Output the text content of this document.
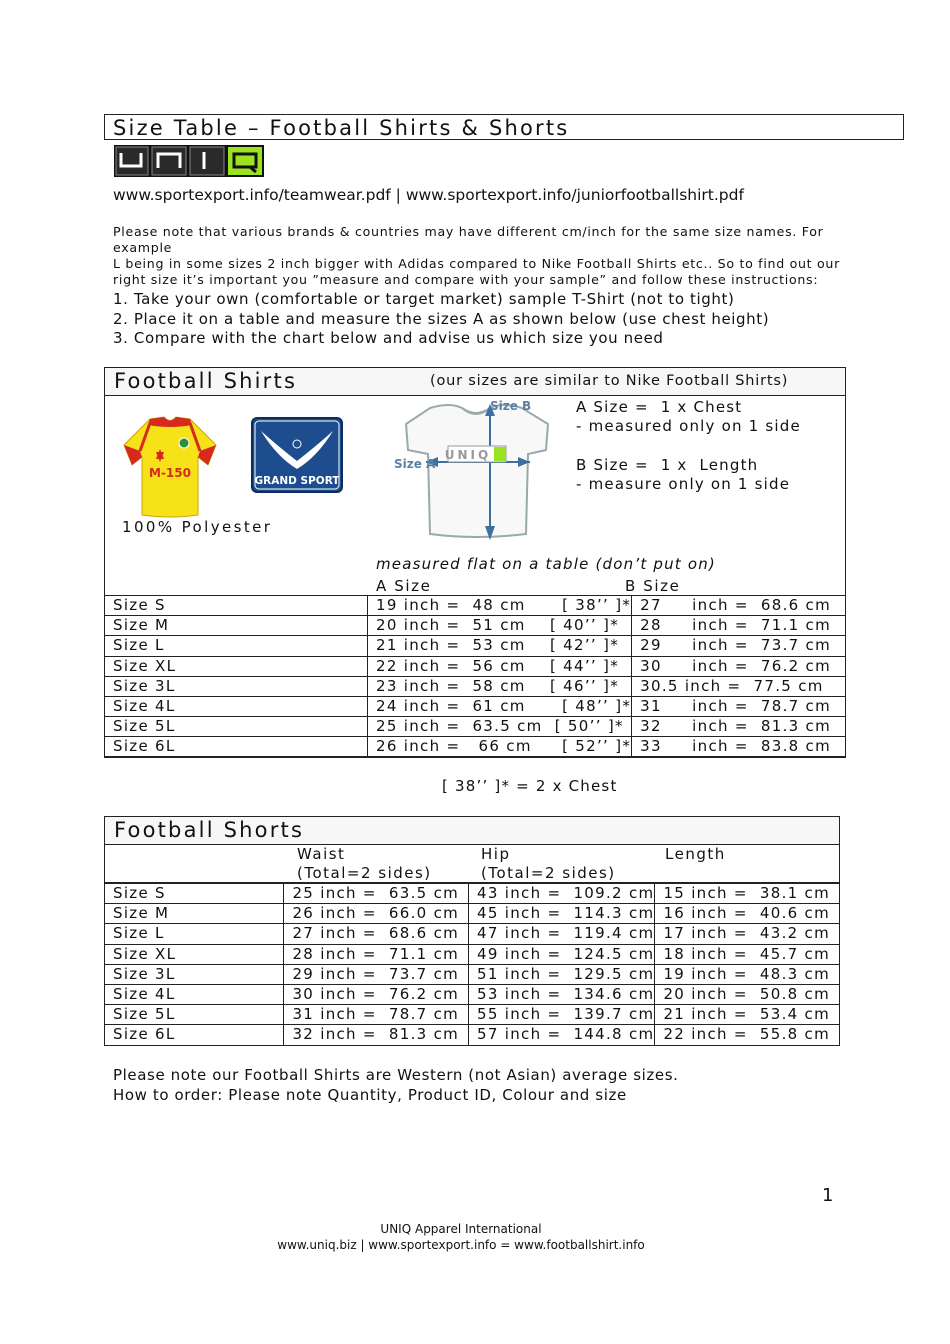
Size Table – Football Shirts & Shorts
www.sportexport.info/teamwear.pdf | www.sportexport.info/juniorfootballshirt.pdf
Please note that various brands & countries may have different cm/inch for the same size names. For example
L being in some sizes 2 inch bigger with Adidas compared to Nike Football Shirts etc.. So to find out our
right size it’s important you ”measure and compare with your sample” and follow these instructions:
1. Take your own (comfortable or target market) sample T-Shirt (not to tight)
2. Place it on a table and measure the sizes A as shown below (use chest height)
3. Compare with the chart below and advise us which size you need
Football Shirts	(our sizes are similar to Nike Football Shirts)
M-150
GRAND SPORT
100% Polyester
UNIQ
Size B
Size A
A Size =  1 x Chest
- measured only on 1 side
B Size =  1 x  Length
- measure only on 1 side
measured flat on a table (don’t put on)
A Size	B Size
Size S	19 inch =  48 cm      [ 38’’ ]*	27     inch =  68.6 cm
Size M	20 inch =  51 cm    [ 40’’ ]*	28     inch =  71.1 cm
Size L	21 inch =  53 cm    [ 42’’ ]*	29     inch =  73.7 cm
Size XL	22 inch =  56 cm    [ 44’’ ]*	30     inch =  76.2 cm
Size 3L	23 inch =  58 cm    [ 46’’ ]*	30.5 inch =  77.5 cm
Size 4L	24 inch =  61 cm      [ 48’’ ]*	31     inch =  78.7 cm
Size 5L	25 inch =  63.5 cm  [ 50’’ ]*	32     inch =  81.3 cm
Size 6L	26 inch =   66 cm     [ 52’’ ]*	33     inch =  83.8 cm
[ 38’’ ]* = 2 x Chest
Football Shorts
Waist
(Total=2 sides)
Hip
(Total=2 sides)
Length
Size S	25 inch =  63.5 cm	43 inch =  109.2 cm	15 inch =  38.1 cm
Size M	26 inch =  66.0 cm	45 inch =  114.3 cm	16 inch =  40.6 cm
Size L	27 inch =  68.6 cm	47 inch =  119.4 cm	17 inch =  43.2 cm
Size XL	28 inch =  71.1 cm	49 inch =  124.5 cm	18 inch =  45.7 cm
Size 3L	29 inch =  73.7 cm	51 inch =  129.5 cm	19 inch =  48.3 cm
Size 4L	30 inch =  76.2 cm	53 inch =  134.6 cm	20 inch =  50.8 cm
Size 5L	31 inch =  78.7 cm	55 inch =  139.7 cm	21 inch =  53.4 cm
Size 6L	32 inch =  81.3 cm	57 inch =  144.8 cm	22 inch =  55.8 cm
Please note our Football Shirts are Western (not Asian) average sizes.
How to order: Please note Quantity, Product ID, Colour and size
1
UNIQ Apparel International
www.uniq.biz | www.sportexport.info = www.footballshirt.info
